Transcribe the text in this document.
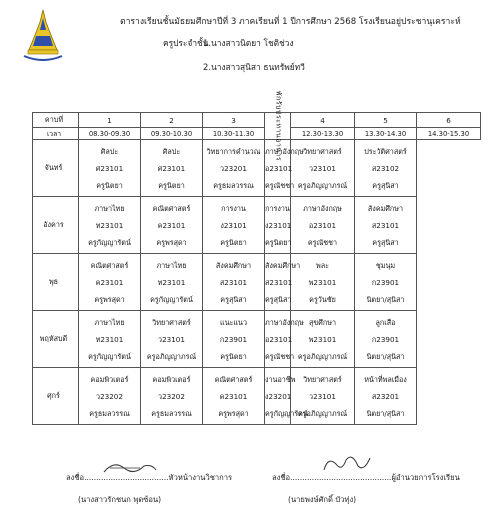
ตารางเรียนชั้นมัธยมศึกษาปีที่ 3 ภาคเรียนที่ 1 ปีการศึกษา 2568 โรงเรียนอยู่ประชานุเคราะห์
ครูประจำชั้น
1.นางสาวนิตยา โชติช่วง
2.นางสาวสุนิสา ธนทรัพย์ทวี
คาบที่	1	2	3	พักรับประทานอาหาร	4	5	6
เวลา	08.30-09.30	09.30-10.30	10.30-11.30		12.30-13.30	13.30-14.30	14.30-15.30
จันทร์	ศิลปะ
ศ23101
ครูนิตยา	ศิลปะ
ศ23101
ครูนิตยา	วิทยาการคำนวณ
ว23201
ครูธมลวรรณ	ภาษาอังกฤษ
อ23101
ครูณัชชา	วิทยาศาสตร์
ว23101
ครูอภิญญาภรณ์	ประวัติศาสตร์
ส23102
ครูสุนิสา	

อังคาร	ภาษาไทย
ท23101
ครูกัญญารัตน์	คณิตศาสตร์
ค23101
ครูพรสุดา	การงาน
ง23101
ครูนิตยา	การงาน
ง23101
ครูนิตยา	ภาษาอังกฤษ
อ23101
ครูณัชชา	สังคมศึกษา
ส23101
ครูสุนิสา	

พุธ	คณิตศาสตร์
ค23101
ครูพรสุดา	ภาษาไทย
ท23101
ครูกัญญารัตน์	สังคมศึกษา
ส23101
ครูสุนิสา	สังคมศึกษา
ส23101
ครูสุนิสา	พละ
พ23101
ครูวันชัย	ชุมนุม
ก23901
นิตยา/สุนิสา	

พฤหัสบดี	ภาษาไทย
ท23101
ครูกัญญารัตน์	วิทยาศาสตร์
ว23101
ครูอภิญญาภรณ์	แนะแนว
ก23901
ครูนิตยา	ภาษาอังกฤษ
อ23101
ครูณัชชา	สุขศึกษา
พ23101
ครูอภิญญาภรณ์	ลูกเสือ
ก23901
นิตยา/สุนิสา	

ศุกร์	คอมพิวเตอร์
ว23202
ครูธมลวรรณ	คอมพิวเตอร์
ว23202
ครูธมลวรรณ	คณิตศาสตร์
ค23101
ครูพรสุดา	งานอาชีพ
ง23201
ครูกัญญารัตน์	วิทยาศาสตร์
ว23101
ครูอภิญญาภรณ์	หน้าที่พลเมือง
ส23201
นิตยา/สุนิสา	
ลงชื่อ...................................หัวหน้างานวิชาการ
(นางสาวรักชนก พุดซ้อน)
ลงชื่อ..........................................ผู้อำนวยการโรงเรียน
(นายพงษ์ศักดิ์ บัวทุ่ง)
